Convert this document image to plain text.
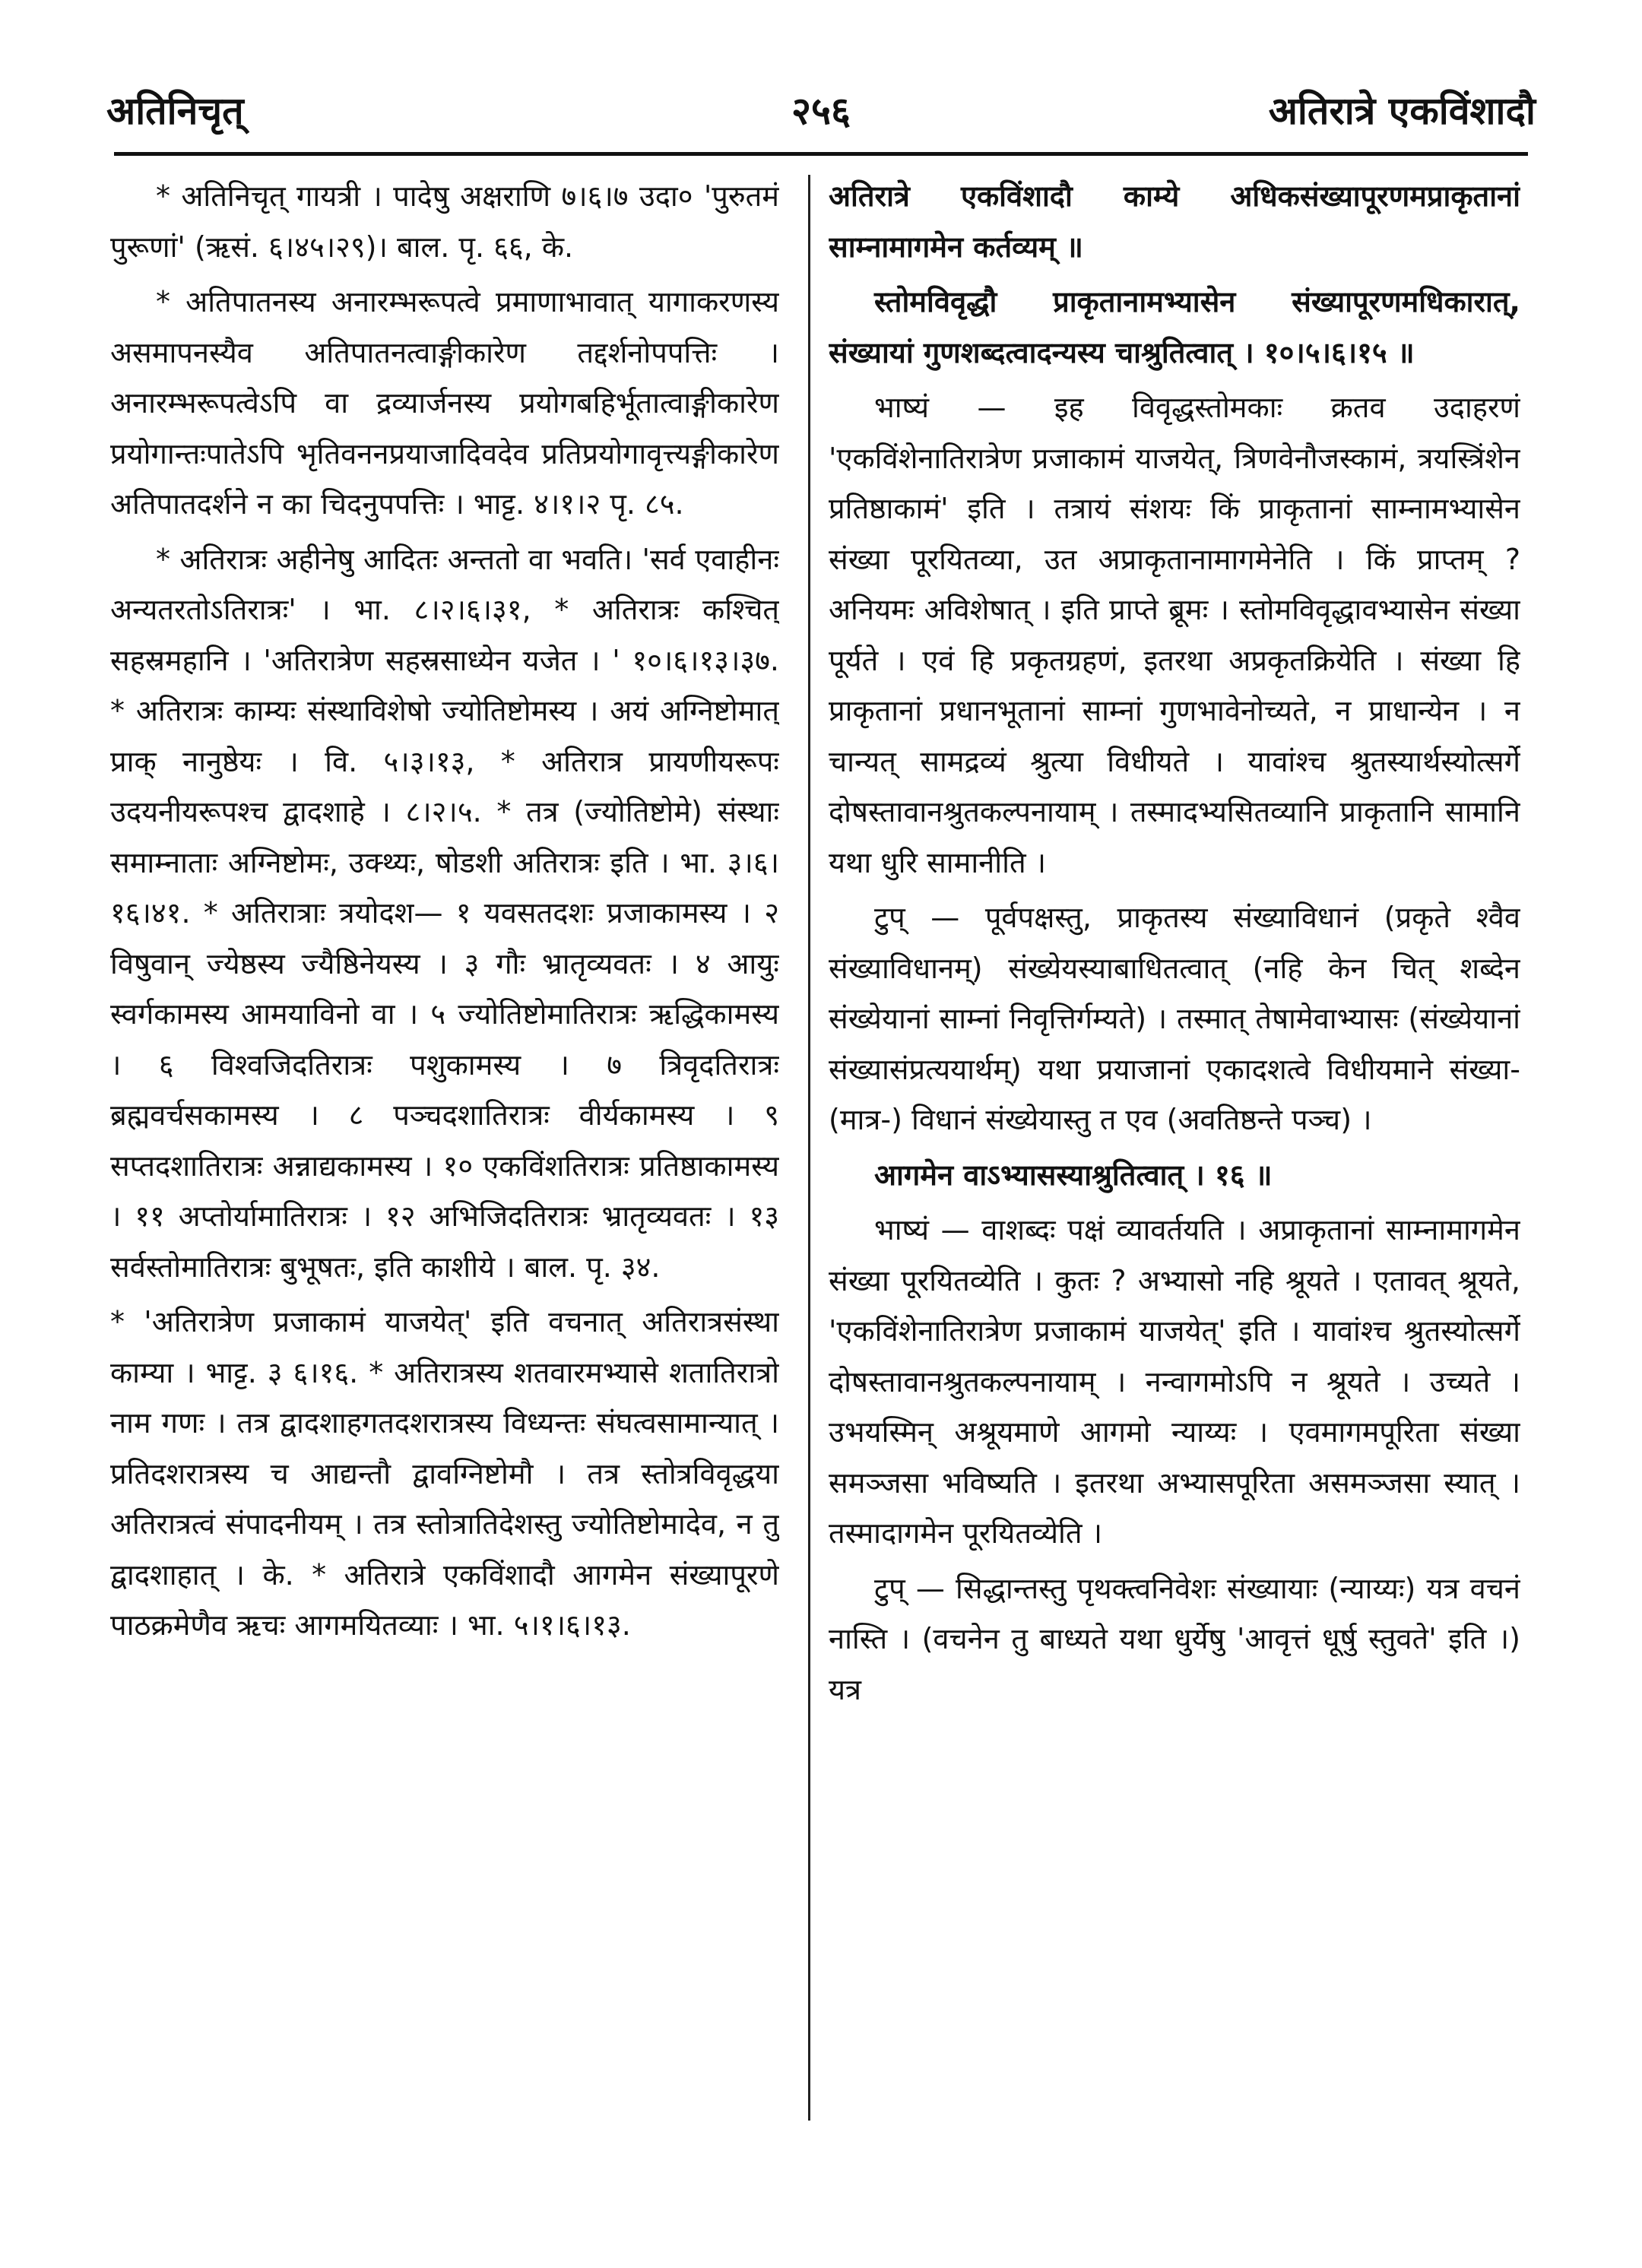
अतिनिचृत्	२५६	अतिरात्रे एकविंशादौ

* अतिनिचृत् गायत्री । पादेषु अक्षराणि ७।६।७ उदा० 'पुरुतमं पुरूणां' (ऋसं. ६।४५।२९)। बाल. पृ. ६६, के.

* अतिपातनस्य अनारम्भरूपत्वे प्रमाणाभावात् यागाकरणस्य असमापनस्यैव अतिपातनत्वाङ्गीकारेण तद्दर्शनोपपत्तिः । अनारम्भरूपत्वेऽपि वा द्रव्यार्जनस्य प्रयोगबहिर्भूतात्वाङ्गीकारेण प्रयोगान्तःपातेऽपि भृतिवननप्रयाजादिवदेव प्रतिप्रयोगावृत्त्यङ्गीकारेण अतिपातदर्शने न का चिदनुपपत्तिः । भाट्ट. ४।१।२ पृ. ८५.

* अतिरात्रः अहीनेषु आदितः अन्ततो वा भवति। 'सर्व एवाहीनः अन्यतरतोऽतिरात्रः' । भा. ८।२।६।३१, * अतिरात्रः कश्चित् सहस्रमहानि । 'अतिरात्रेण सहस्रसाध्येन यजेत । ' १०।६।१३।३७. * अतिरात्रः काम्यः संस्थाविशेषो ज्योतिष्टोमस्य । अयं अग्निष्टोमात् प्राक् नानुष्ठेयः । वि. ५।३।१३, * अतिरात्र प्रायणीयरूपः उदयनीयरूपश्च द्वादशाहे । ८।२।५. * तत्र (ज्योतिष्टोमे) संस्थाः समाम्नाताः अग्निष्टोमः, उक्थ्यः, षोडशी अतिरात्रः इति । भा. ३।६।१६।४१. * अतिरात्राः त्रयोदश— १ यवसतदशः प्रजाकामस्य । २ विषुवान् ज्येष्ठस्य ज्यैष्ठिनेयस्य । ३ गौः भ्रातृव्यवतः । ४ आयुः स्वर्गकामस्य आमयाविनो वा । ५ ज्योतिष्टोमातिरात्रः ऋद्धिकामस्य । ६ विश्वजिदतिरात्रः पशुकामस्य । ७ त्रिवृदतिरात्रः ब्रह्मवर्चसकामस्य । ८ पञ्चदशातिरात्रः वीर्यकामस्य । ९ सप्तदशातिरात्रः अन्नाद्यकामस्य । १० एकविंशतिरात्रः प्रतिष्ठाकामस्य । ११ अप्तोर्यामातिरात्रः । १२ अभिजिदतिरात्रः भ्रातृव्यवतः । १३ सर्वस्तोमातिरात्रः बुभूषतः, इति काशीये । बाल. पृ. ३४.

* 'अतिरात्रेण प्रजाकामं याजयेत्' इति वचनात् अतिरात्रसंस्था काम्या । भाट्ट. ३ ६।१६. * अतिरात्रस्य शतवारमभ्यासे शतातिरात्रो नाम गणः । तत्र द्वादशाहगतदशरात्रस्य विध्यन्तः संघत्वसामान्यात् । प्रतिदशरात्रस्य च आद्यन्तौ द्वावग्निष्टोमौ । तत्र स्तोत्रविवृद्धया अतिरात्रत्वं संपादनीयम् । तत्र स्तोत्रातिदेशस्तु ज्योतिष्टोमादेव, न तु द्वादशाहात् । के. * अतिरात्रे एकविंशादौ आगमेन संख्यापूरणे पाठक्रमेणैव ऋचः आगमयितव्याः । भा. ५।१।६।१३.

अतिरात्रे एकविंशादौ काम्ये अधिकसंख्यापूरणमप्राकृतानां साम्नामागमेन कर्तव्यम् ॥

स्तोमविवृद्धौ प्राकृतानामभ्यासेन संख्यापूरणमधिकारात्, संख्यायां गुणशब्दत्वादन्यस्य चाश्रुतित्वात् । १०।५।६।१५ ॥

भाष्यं — इह विवृद्धस्तोमकाः क्रतव उदाहरणं 'एकविंशेनातिरात्रेण प्रजाकामं याजयेत्, त्रिणवेनौजस्कामं, त्रयस्त्रिंशेन प्रतिष्ठाकामं' इति । तत्रायं संशयः किं प्राकृतानां साम्नामभ्यासेन संख्या पूरयितव्या, उत अप्राकृतानामागमेनेति । किं प्राप्तम् ? अनियमः अविशेषात् । इति प्राप्ते ब्रूमः । स्तोमविवृद्धावभ्यासेन संख्या पूर्यते । एवं हि प्रकृतग्रहणं, इतरथा अप्रकृतक्रियेति । संख्या हि प्राकृतानां प्रधानभूतानां साम्नां गुणभावेनोच्यते, न प्राधान्येन । न चान्यत् सामद्रव्यं श्रुत्या विधीयते । यावांश्च श्रुतस्यार्थस्योत्सर्गे दोषस्तावानश्रुतकल्पनायाम् । तस्मादभ्यसितव्यानि प्राकृतानि सामानि यथा धुरि सामानीति ।

टुप् — पूर्वपक्षस्तु, प्राकृतस्य संख्याविधानं (प्रकृते श्वैव संख्याविधानम्) संख्येयस्याबाधितत्वात् (नहि केन चित् शब्देन संख्येयानां साम्नां निवृत्तिर्गम्यते) । तस्मात् तेषामेवाभ्यासः (संख्येयानां संख्यासंप्रत्ययार्थम्) यथा प्रयाजानां एकादशत्वे विधीयमाने संख्या- (मात्र-) विधानं संख्येयास्तु त एव (अवतिष्ठन्ते पञ्च) ।

आगमेन वाऽभ्यासस्याश्रुतित्वात् । १६ ॥

भाष्यं — वाशब्दः पक्षं व्यावर्तयति । अप्राकृतानां साम्नामागमेन संख्या पूरयितव्येति । कुतः ? अभ्यासो नहि श्रूयते । एतावत् श्रूयते, 'एकविंशेनातिरात्रेण प्रजाकामं याजयेत्' इति । यावांश्च श्रुतस्योत्सर्गे दोषस्तावानश्रुतकल्पनायाम् । नन्वागमोऽपि न श्रूयते । उच्यते । उभयस्मिन् अश्रूयमाणे आगमो न्याय्यः । एवमागमपूरिता संख्या समञ्जसा भविष्यति । इतरथा अभ्यासपूरिता असमञ्जसा स्यात् । तस्मादागमेन पूरयितव्येति ।

टुप् — सिद्धान्तस्तु पृथक्त्वनिवेशः संख्यायाः (न्याय्यः) यत्र वचनं नास्ति । (वचनेन तु बाध्यते यथा धुर्येषु 'आवृत्तं धूर्षु स्तुवते' इति ।) यत्र
